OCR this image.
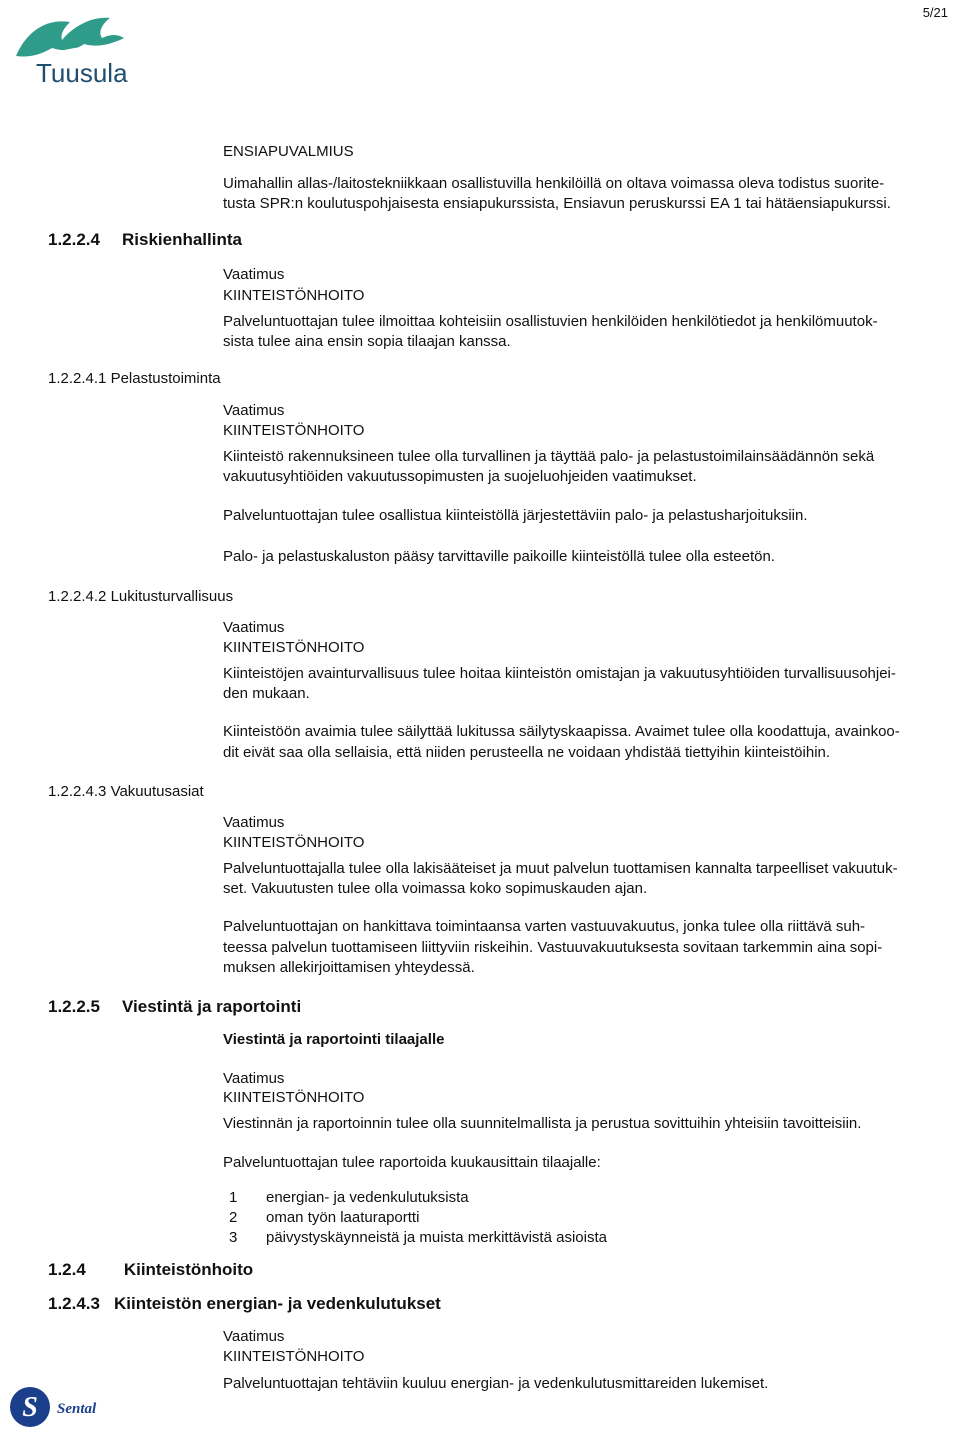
Tuusula
5/21
1.2.2.4 Riskienhallinta
1.2.2.4.1 Pelastustoiminta
1.2.2.4.2 Lukitusturvallisuus
1.2.2.4.3 Vakuutusasiat
1.2.2.5 Viestintä ja raportointi
1.2.4 Kiinteistönhoito
1.2.4.3 Kiinteistön energian- ja vedenkulutukset
ENSIAPUVALMIUS
Uimahallin allas-/laitostekniikkaan osallistuvilla henkilöillä on oltava voimassa oleva todistus suorite-
tusta SPR:n koulutuspohjaisesta ensiapukurssista, Ensiavun peruskurssi EA 1 tai hätäensiapukurssi.
Vaatimus
KIINTEISTÖNHOITO
Palveluntuottajan tulee ilmoittaa kohteisiin osallistuvien henkilöiden henkilötiedot ja henkilömuutok-
sista tulee aina ensin sopia tilaajan kanssa.
Vaatimus
KIINTEISTÖNHOITO
Kiinteistö rakennuksineen tulee olla turvallinen ja täyttää palo- ja pelastustoimilainsäädännön sekä
vakuutusyhtiöiden vakuutussopimusten ja suojeluohjeiden vaatimukset.
Palveluntuottajan tulee osallistua kiinteistöllä järjestettäviin palo- ja pelastusharjoituksiin.
Palo- ja pelastuskaluston pääsy tarvittaville paikoille kiinteistöllä tulee olla esteetön.
Vaatimus
KIINTEISTÖNHOITO
Kiinteistöjen avainturvallisuus tulee hoitaa kiinteistön omistajan ja vakuutusyhtiöiden turvallisuusohjei-
den mukaan.
Kiinteistöön avaimia tulee säilyttää lukitussa säilytyskaapissa. Avaimet tulee olla koodattuja, avainkoo-
dit eivät saa olla sellaisia, että niiden perusteella ne voidaan yhdistää tiettyihin kiinteistöihin.
Vaatimus
KIINTEISTÖNHOITO
Palveluntuottajalla tulee olla lakisääteiset ja muut palvelun tuottamisen kannalta tarpeelliset vakuutuk-
set. Vakuutusten tulee olla voimassa koko sopimuskauden ajan.
Palveluntuottajan on hankittava toimintaansa varten vastuuvakuutus, jonka tulee olla riittävä suh-
teessa palvelun tuottamiseen liittyviin riskeihin. Vastuuvakuutuksesta sovitaan tarkemmin aina sopi-
muksen allekirjoittamisen yhteydessä.
Viestintä ja raportointi tilaajalle
Vaatimus
KIINTEISTÖNHOITO
Viestinnän ja raportoinnin tulee olla suunnitelmallista ja perustua sovittuihin yhteisiin tavoitteisiin.
Palveluntuottajan tulee raportoida kuukausittain tilaajalle:
1 energian- ja vedenkulutuksista
2 oman työn laaturaportti
3 päivystyskäynneistä ja muista merkittävistä asioista
Vaatimus
KIINTEISTÖNHOITO
Palveluntuottajan tehtäviin kuuluu energian- ja vedenkulutusmittareiden lukemiset.
S Sental
